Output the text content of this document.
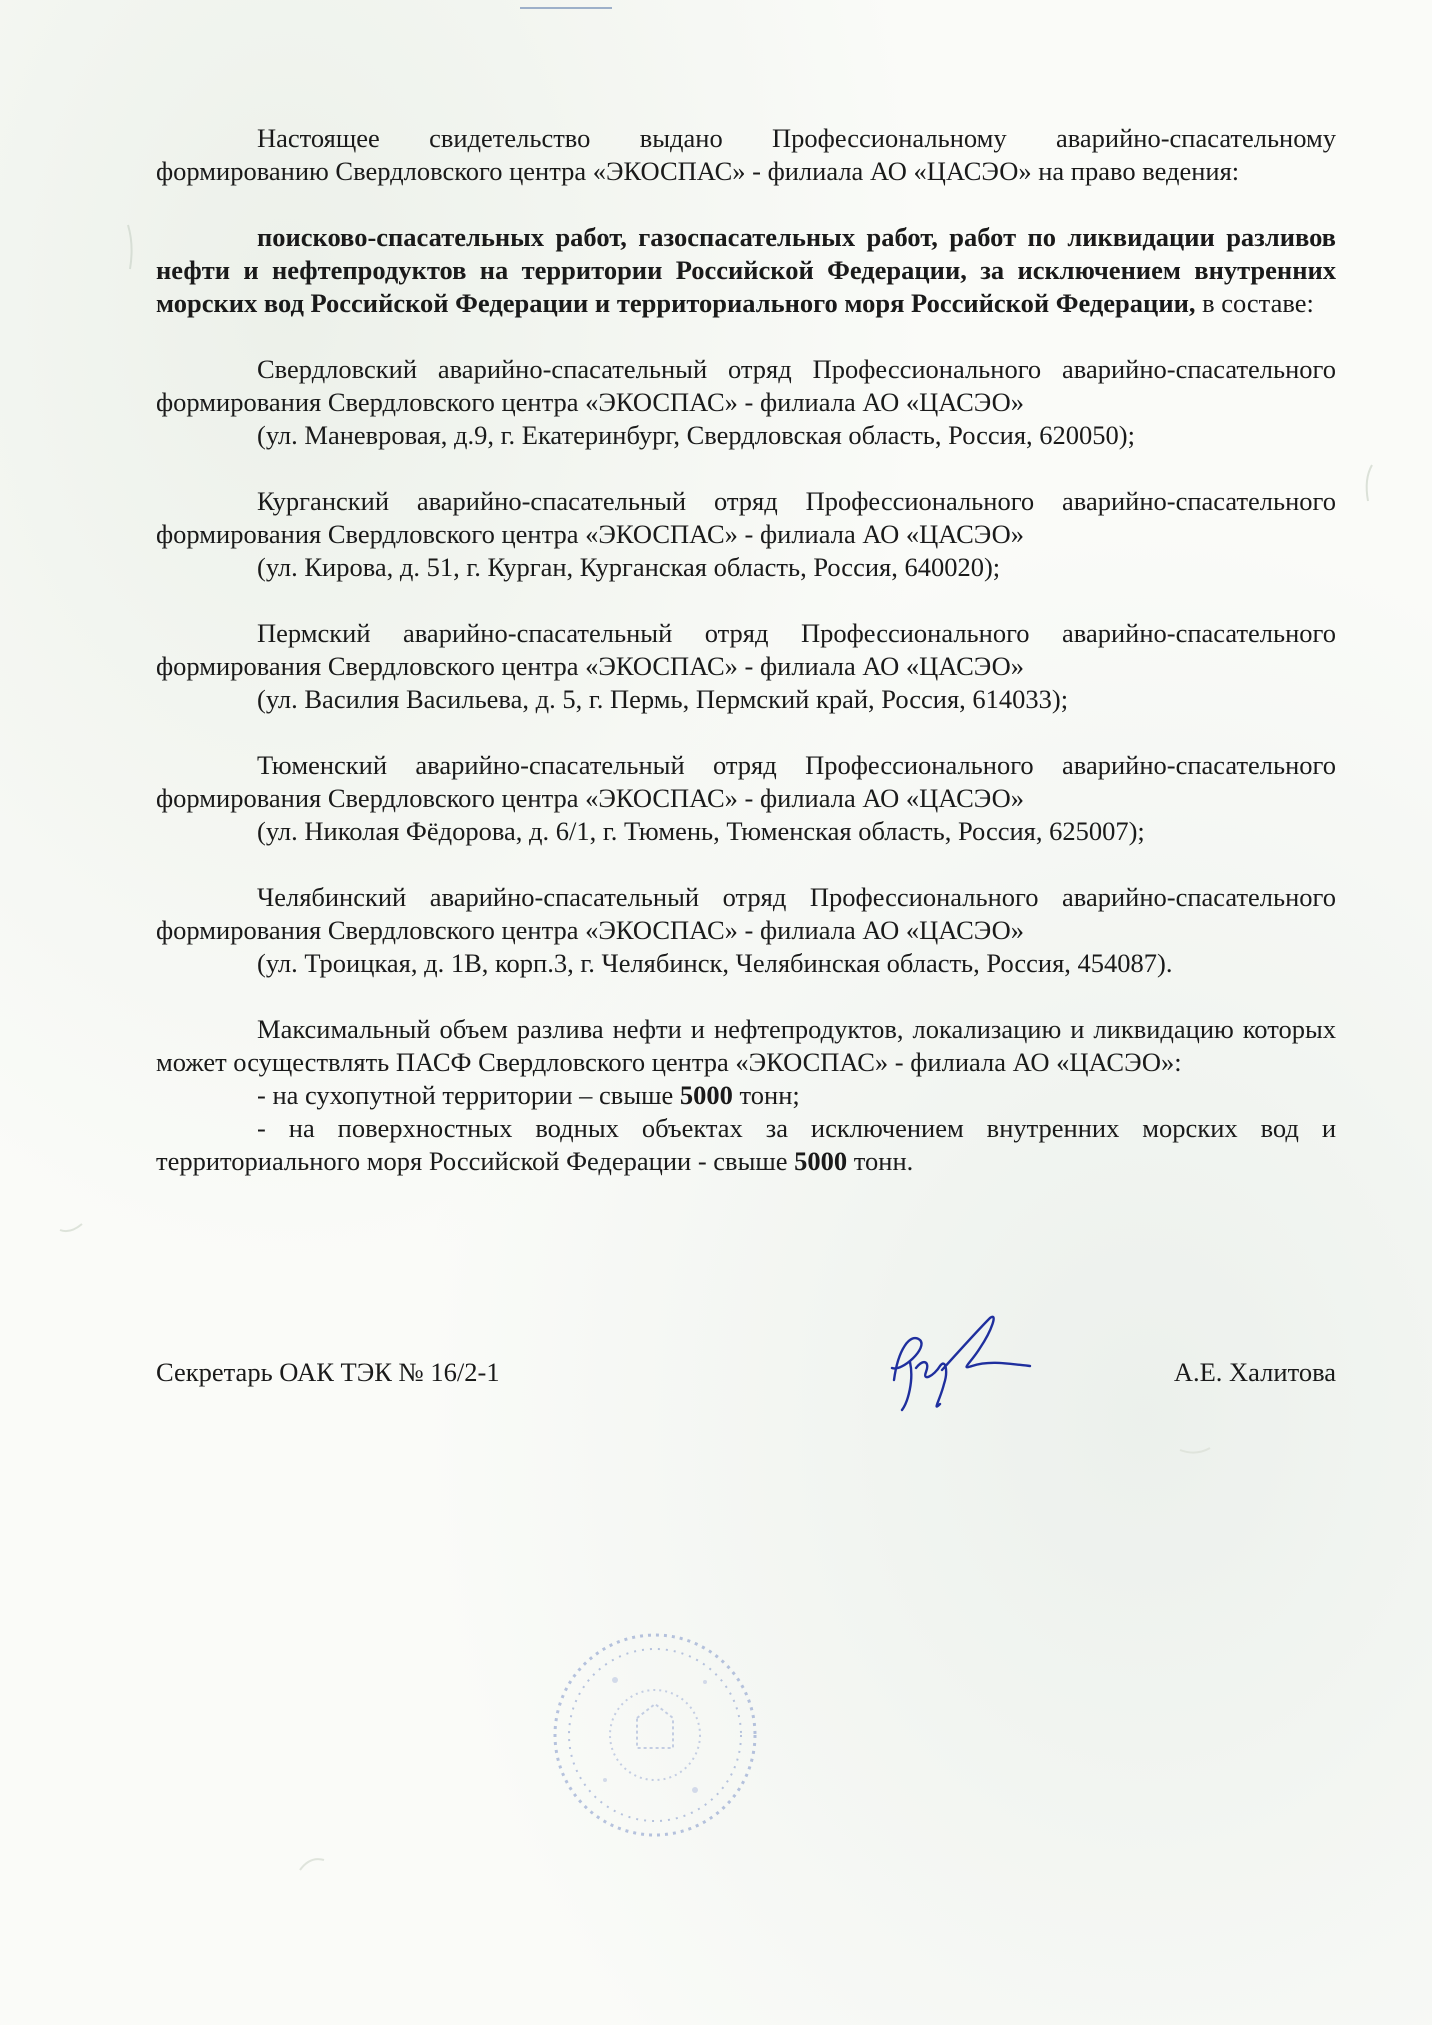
Настоящее свидетельство выдано Профессиональному аварийно-спасательному формированию Свердловского центра «ЭКОСПАС» - филиала АО «ЦАСЭО» на право ведения:

поисково-спасательных работ, газоспасательных работ, работ по ликвидации разливов нефти и нефтепродуктов на территории Российской Федерации, за исключением внутренних морских вод Российской Федерации и территориального моря Российской Федерации, в составе:

Свердловский аварийно-спасательный отряд Профессионального аварийно-спасательного формирования Свердловского центра «ЭКОСПАС» - филиала АО «ЦАСЭО»

(ул. Маневровая, д.9, г. Екатеринбург, Свердловская область, Россия, 620050);

Курганский аварийно-спасательный отряд Профессионального аварийно-спасательного формирования Свердловского центра «ЭКОСПАС» - филиала АО «ЦАСЭО»

(ул. Кирова, д. 51, г. Курган, Курганская область, Россия, 640020);

Пермский аварийно-спасательный отряд Профессионального аварийно-спасательного формирования Свердловского центра «ЭКОСПАС» - филиала АО «ЦАСЭО»

(ул. Василия Васильева, д. 5, г. Пермь, Пермский край, Россия, 614033);

Тюменский аварийно-спасательный отряд Профессионального аварийно-спасательного формирования Свердловского центра «ЭКОСПАС» - филиала АО «ЦАСЭО»

(ул. Николая Фёдорова, д. 6/1, г. Тюмень, Тюменская область, Россия, 625007);

Челябинский аварийно-спасательный отряд Профессионального аварийно-спасательного формирования Свердловского центра «ЭКОСПАС» - филиала АО «ЦАСЭО»

(ул. Троицкая, д. 1В, корп.3, г. Челябинск, Челябинская область, Россия, 454087).

Максимальный объем разлива нефти и нефтепродуктов, локализацию и ликвидацию которых может осуществлять ПАСФ Свердловского центра «ЭКОСПАС» - филиала АО «ЦАСЭО»:

- на сухопутной территории – свыше 5000 тонн;

- на поверхностных водных объектах за исключением внутренних морских вод и территориального моря Российской Федерации - свыше 5000 тонн.

Секретарь ОАК ТЭК № 16/2-1	А.Е. Халитова
